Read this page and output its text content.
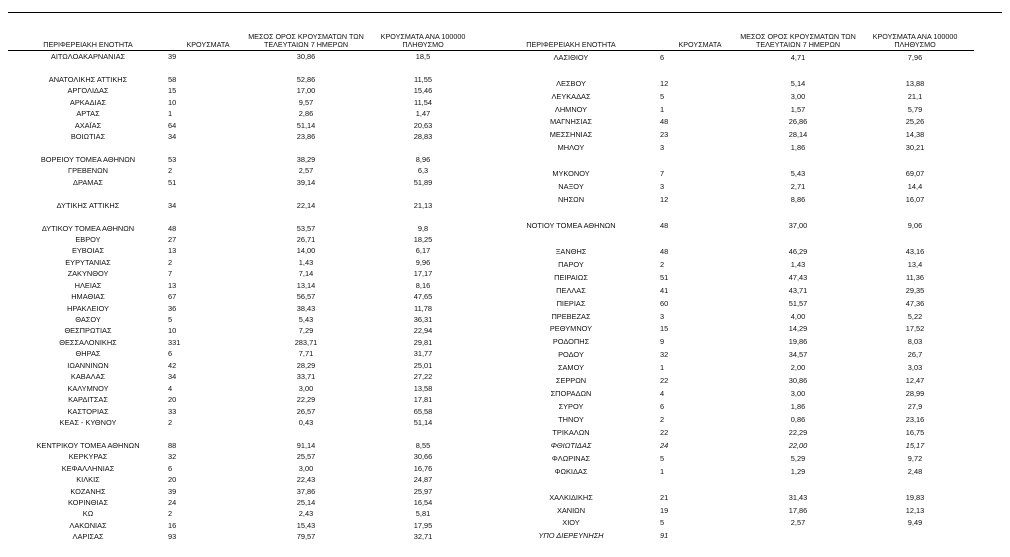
ΠΕΡΙΦΕΡΕΙΑΚΗ ΕΝΟΤΗΤΑ	ΚΡΟΥΣΜΑΤΑ	ΜΕΣΟΣ ΟΡΟΣ ΚΡΟΥΣΜΑΤΩΝ ΤΩΝ ΤΕΛΕΥΤΑΙΩΝ 7 ΗΜΕΡΩΝ	ΚΡΟΥΣΜΑΤΑ ΑΝΑ 100000 ΠΛΗΘΥΣΜΟ
ΑΙΤΩΛΟΑΚΑΡΝΑΝΙΑΣ	39	30,86	18,5

ΑΝΑΤΟΛΙΚΗΣ ΑΤΤΙΚΗΣ	58	52,86	11,55
ΑΡΓΟΛΙΔΑΣ	15	17,00	15,46
ΑΡΚΑΔΙΑΣ	10	9,57	11,54
ΑΡΤΑΣ	1	2,86	1,47
ΑΧΑΪΑΣ	64	51,14	20,63
ΒΟΙΩΤΙΑΣ	34	23,86	28,83

ΒΟΡΕΙΟΥ ΤΟΜΕΑ ΑΘΗΝΩΝ	53	38,29	8,96
ΓΡΕΒΕΝΩΝ	2	2,57	6,3
ΔΡΑΜΑΣ	51	39,14	51,89

ΔΥΤΙΚΗΣ ΑΤΤΙΚΗΣ	34	22,14	21,13

ΔΥΤΙΚΟΥ ΤΟΜΕΑ ΑΘΗΝΩΝ	48	53,57	9,8
ΕΒΡΟΥ	27	26,71	18,25
ΕΥΒΟΙΑΣ	13	14,00	6,17
ΕΥΡΥΤΑΝΙΑΣ	2	1,43	9,96
ΖΑΚΥΝΘΟΥ	7	7,14	17,17
ΗΛΕΙΑΣ	13	13,14	8,16
ΗΜΑΘΙΑΣ	67	56,57	47,65
ΗΡΑΚΛΕΙΟΥ	36	38,43	11,78
ΘΑΣΟΥ	5	5,43	36,31
ΘΕΣΠΡΩΤΙΑΣ	10	7,29	22,94
ΘΕΣΣΑΛΟΝΙΚΗΣ	331	283,71	29,81
ΘΗΡΑΣ	6	7,71	31,77
ΙΩΑΝΝΙΝΩΝ	42	28,29	25,01
ΚΑΒΑΛΑΣ	34	33,71	27,22
ΚΑΛΥΜΝΟΥ	4	3,00	13,58
ΚΑΡΔΙΤΣΑΣ	20	22,29	17,81
ΚΑΣΤΟΡΙΑΣ	33	26,57	65,58
ΚΕΑΣ - ΚΥΘΝΟΥ	2	0,43	51,14

ΚΕΝΤΡΙΚΟΥ ΤΟΜΕΑ ΑΘΗΝΩΝ	88	91,14	8,55
ΚΕΡΚΥΡΑΣ	32	25,57	30,66
ΚΕΦΑΛΛΗΝΙΑΣ	6	3,00	16,76
ΚΙΛΚΙΣ	20	22,43	24,87
ΚΟΖΑΝΗΣ	39	37,86	25,97
ΚΟΡΙΝΘΙΑΣ	24	25,14	16,54
ΚΩ	2	2,43	5,81
ΛΑΚΩΝΙΑΣ	16	15,43	17,95
ΛΑΡΙΣΑΣ	93	79,57	32,71
ΠΕΡΙΦΕΡΕΙΑΚΗ ΕΝΟΤΗΤΑ	ΚΡΟΥΣΜΑΤΑ	ΜΕΣΟΣ ΟΡΟΣ ΚΡΟΥΣΜΑΤΩΝ ΤΩΝ ΤΕΛΕΥΤΑΙΩΝ 7 ΗΜΕΡΩΝ	ΚΡΟΥΣΜΑΤΑ ΑΝΑ 100000 ΠΛΗΘΥΣΜΟ
ΛΑΣΙΘΙΟΥ	6	4,71	7,96

ΛΕΣΒΟΥ	12	5,14	13,88
ΛΕΥΚΑΔΑΣ	5	3,00	21,1
ΛΗΜΝΟΥ	1	1,57	5,79
ΜΑΓΝΗΣΙΑΣ	48	26,86	25,26
ΜΕΣΣΗΝΙΑΣ	23	28,14	14,38
ΜΗΛΟΥ	3	1,86	30,21

ΜΥΚΟΝΟΥ	7	5,43	69,07
ΝΑΞΟΥ	3	2,71	14,4
ΝΗΣΩΝ	12	8,86	16,07

ΝΟΤΙΟΥ ΤΟΜΕΑ ΑΘΗΝΩΝ	48	37,00	9,06

ΞΑΝΘΗΣ	48	46,29	43,16
ΠΑΡΟΥ	2	1,43	13,4
ΠΕΙΡΑΙΩΣ	51	47,43	11,36
ΠΕΛΛΑΣ	41	43,71	29,35
ΠΙΕΡΙΑΣ	60	51,57	47,36
ΠΡΕΒΕΖΑΣ	3	4,00	5,22
ΡΕΘΥΜΝΟΥ	15	14,29	17,52
ΡΟΔΟΠΗΣ	9	19,86	8,03
ΡΟΔΟΥ	32	34,57	26,7
ΣΑΜΟΥ	1	2,00	3,03
ΣΕΡΡΩΝ	22	30,86	12,47
ΣΠΟΡΑΔΩΝ	4	3,00	28,99
ΣΥΡΟΥ	6	1,86	27,9
ΤΗΝΟΥ	2	0,86	23,16
ΤΡΙΚΑΛΩΝ	22	22,29	16,75
ΦΘΙΩΤΙΔΑΣ	24	22,00	15,17
ΦΛΩΡΙΝΑΣ	5	5,29	9,72
ΦΩΚΙΔΑΣ	1	1,29	2,48

ΧΑΛΚΙΔΙΚΗΣ	21	31,43	19,83
ΧΑΝΙΩΝ	19	17,86	12,13
ΧΙΟΥ	5	2,57	9,49
ΥΠΟ ΔΙΕΡΕΥΝΗΣΗ	91		
